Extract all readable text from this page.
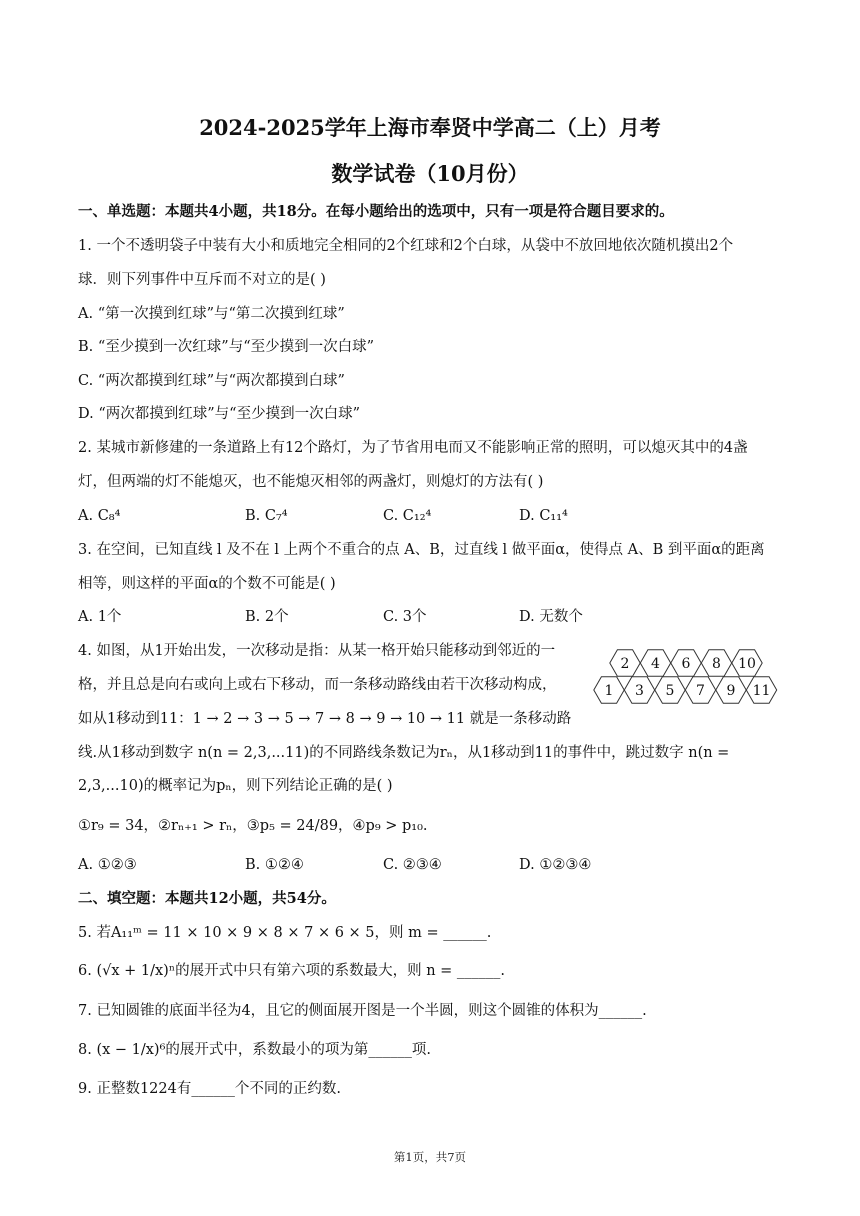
2024-2025学年上海市奉贤中学高二（上）月考
数学试卷（10月份）
一、单选题：本题共4小题，共18分。在每小题给出的选项中，只有一项是符合题目要求的。
1. 一个不透明袋子中装有大小和质地完全相同的2个红球和2个白球，从袋中不放回地依次随机摸出2个
球．则下列事件中互斥而不对立的是( )
A. “第一次摸到红球”与“第二次摸到红球”
B. “至少摸到一次红球”与“至少摸到一次白球”
C. “两次都摸到红球”与“两次都摸到白球”
D. “两次都摸到红球”与“至少摸到一次白球”
2. 某城市新修建的一条道路上有12个路灯，为了节省用电而又不能影响正常的照明，可以熄灭其中的4盏
灯，但两端的灯不能熄灭，也不能熄灭相邻的两盏灯，则熄灯的方法有( )
A. C₈⁴	B. C₇⁴	C. C₁₂⁴	D. C₁₁⁴
3. 在空间，已知直线 l 及不在 l 上两个不重合的点 A、B，过直线 l 做平面α，使得点 A、B 到平面α的距离
相等，则这样的平面α的个数不可能是( )
A. 1个	B. 2个	C. 3个	D. 无数个
4. 如图，从1开始出发，一次移动是指：从某一格开始只能移动到邻近的一
格，并且总是向右或向上或右下移动，而一条移动路线由若干次移动构成，
如从1移动到11：1 → 2 → 3 → 5 → 7 → 8 → 9 → 10 → 11 就是一条移动路
线.从1移动到数字 n(n = 2,3,...11)的不同路线条数记为rₙ，从1移动到11的事件中，跳过数字 n(n =
2,3,...10)的概率记为pₙ，则下列结论正确的是( )
①r₉ = 34，②rₙ₊₁ > rₙ，③p₅ = 24/89，④p₉ > p₁₀.
A. ①②③	B. ①②④	C. ②③④	D. ①②③④
2 4 6 8 10
1 3 5 7 9 11
二、填空题：本题共12小题，共54分。
5. 若A₁₁ᵐ = 11 × 10 × 9 × 8 × 7 × 6 × 5，则 m = ______.
6. (√x + 1/x)ⁿ的展开式中只有第六项的系数最大，则 n = ______.
7. 已知圆锥的底面半径为4，且它的侧面展开图是一个半圆，则这个圆锥的体积为______.
8. (x − 1/x)⁶的展开式中，系数最小的项为第______项.
9. 正整数1224有______个不同的正约数.
第1页，共7页
